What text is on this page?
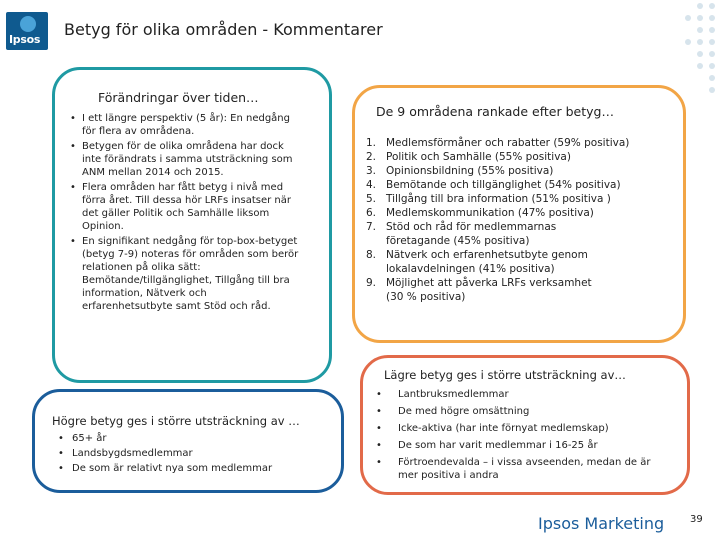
Ipsos
Betyg för olika områden - Kommentarer
Förändringar över tiden…
• I ett längre perspektiv (5 år): En nedgång för flera av områdena.
• Betygen för de olika områdena har dock inte förändrats i samma utsträckning som ANM mellan 2014 och 2015.
• Flera områden har fått betyg i nivå med förra året. Till dessa hör LRFs insatser när det gäller Politik och Samhälle liksom Opinion.
• En signifikant nedgång för top-box-betyget (betyg 7-9) noteras för områden som berör relationen på olika sätt: Bemötande/tillgänglighet, Tillgång till bra information, Nätverk och erfarenhetsutbyte samt Stöd och råd.
Högre betyg ges i större utsträckning av …
• 65+ år
• Landsbygdsmedlemmar
• De som är relativt nya som medlemmar
De 9 områdena rankade efter betyg…
1. Medlemsförmåner och rabatter (59% positiva)
2. Politik och Samhälle (55% positiva)
3. Opinionsbildning (55% positiva)
4. Bemötande och tillgänglighet (54% positiva)
5. Tillgång till bra information (51% positiva )
6. Medlemskommunikation (47% positiva)
7. Stöd och råd för medlemmarnas företagande (45% positiva)
8. Nätverk och erfarenhetsutbyte genom lokalavdelningen (41% positiva)
9. Möjlighet att påverka LRFs verksamhet (30 % positiva)
Lägre betyg ges i större utsträckning av…
• Lantbruksmedlemmar
• De med högre omsättning
• Icke-aktiva (har inte förnyat medlemskap)
• De som har varit medlemmar i 16-25 år
• Förtroendevalda – i vissa avseenden, medan de är mer positiva i andra
Ipsos Marketing	39
